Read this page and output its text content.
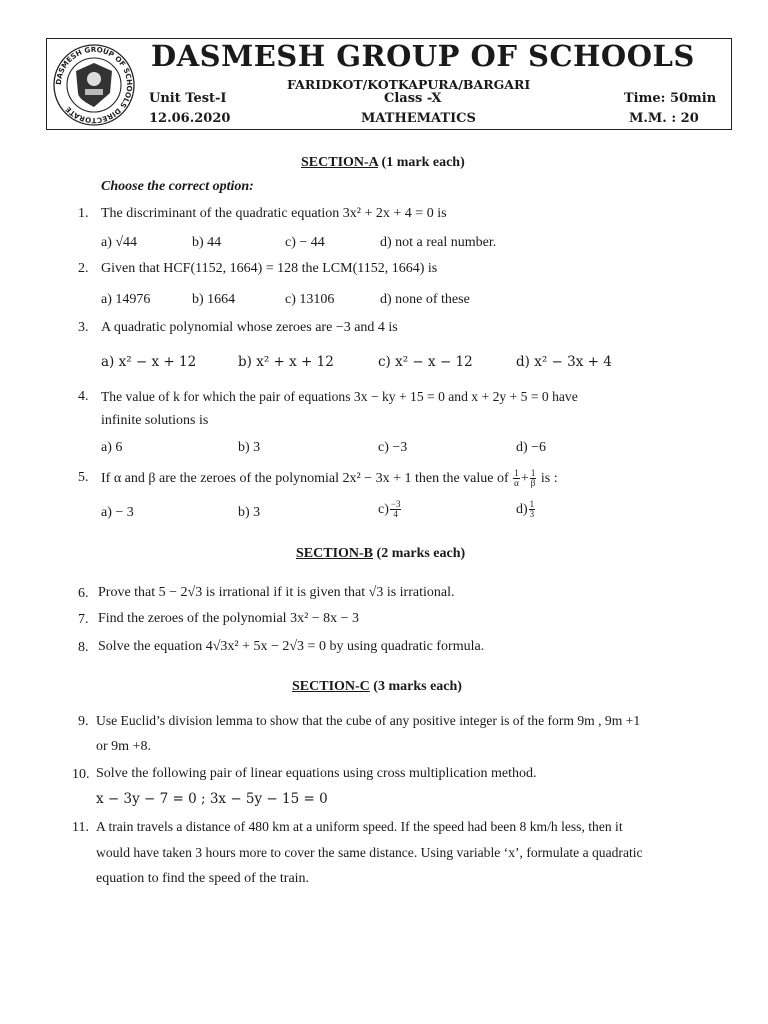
DASMESH GROUP OF SCHOOLS DIRECTORATE
DASMESH GROUP OF SCHOOLS
FARIDKOT/KOTKAPURA/BARGARI
Unit Test-I	Class -X	Time: 50min
12.06.2020	MATHEMATICS	M.M. : 20
SECTION-A (1 mark each)
Choose the correct option:
1. The discriminant of the quadratic equation 3x² + 2x + 4 = 0 is
a) √44	b) 44	c) − 44	d) not a real number.
2. Given that HCF(1152, 1664) = 128 the LCM(1152, 1664) is
a) 14976	b) 1664	c) 13106	d) none of these
3. A quadratic polynomial whose zeroes are −3 and 4 is
a) x² − x + 12	b) x² + x + 12	c) x² − x − 12	d) x² − 3x + 4
4. The value of k for which the pair of equations 3x − ky + 15 = 0 and x + 2y + 5 = 0 have
infinite solutions is
a) 6	b) 3	c) −3	d) −6
5. If α and β are the zeroes of the polynomial 2x² − 3x + 1 then the value of $\frac{1}{\alpha} + \frac{1}{\beta}$ is :
a) − 3	b) 3	$c) \frac{-3}{4}$	$d) \frac{1}{3}$
SECTION-B (2 marks each)
6. Prove that 5 − 2√3 is irrational if it is given that √3 is irrational.
7. Find the zeroes of the polynomial 3x² − 8x − 3
8. Solve the equation 4√3x² + 5x − 2√3 = 0 by using quadratic formula.
SECTION-C (3 marks each)
9. Use Euclid’s division lemma to show that the cube of any positive integer is of the form 9m , 9m +1
or 9m +8.
10. Solve the following pair of linear equations using cross multiplication method.
x − 3y − 7 = 0 ; 3x − 5y − 15 = 0
11. A train travels a distance of 480 km at a uniform speed. If the speed had been 8 km/h less, then it
would have taken 3 hours more to cover the same distance. Using variable ‘x’, formulate a quadratic
equation to find the speed of the train.
